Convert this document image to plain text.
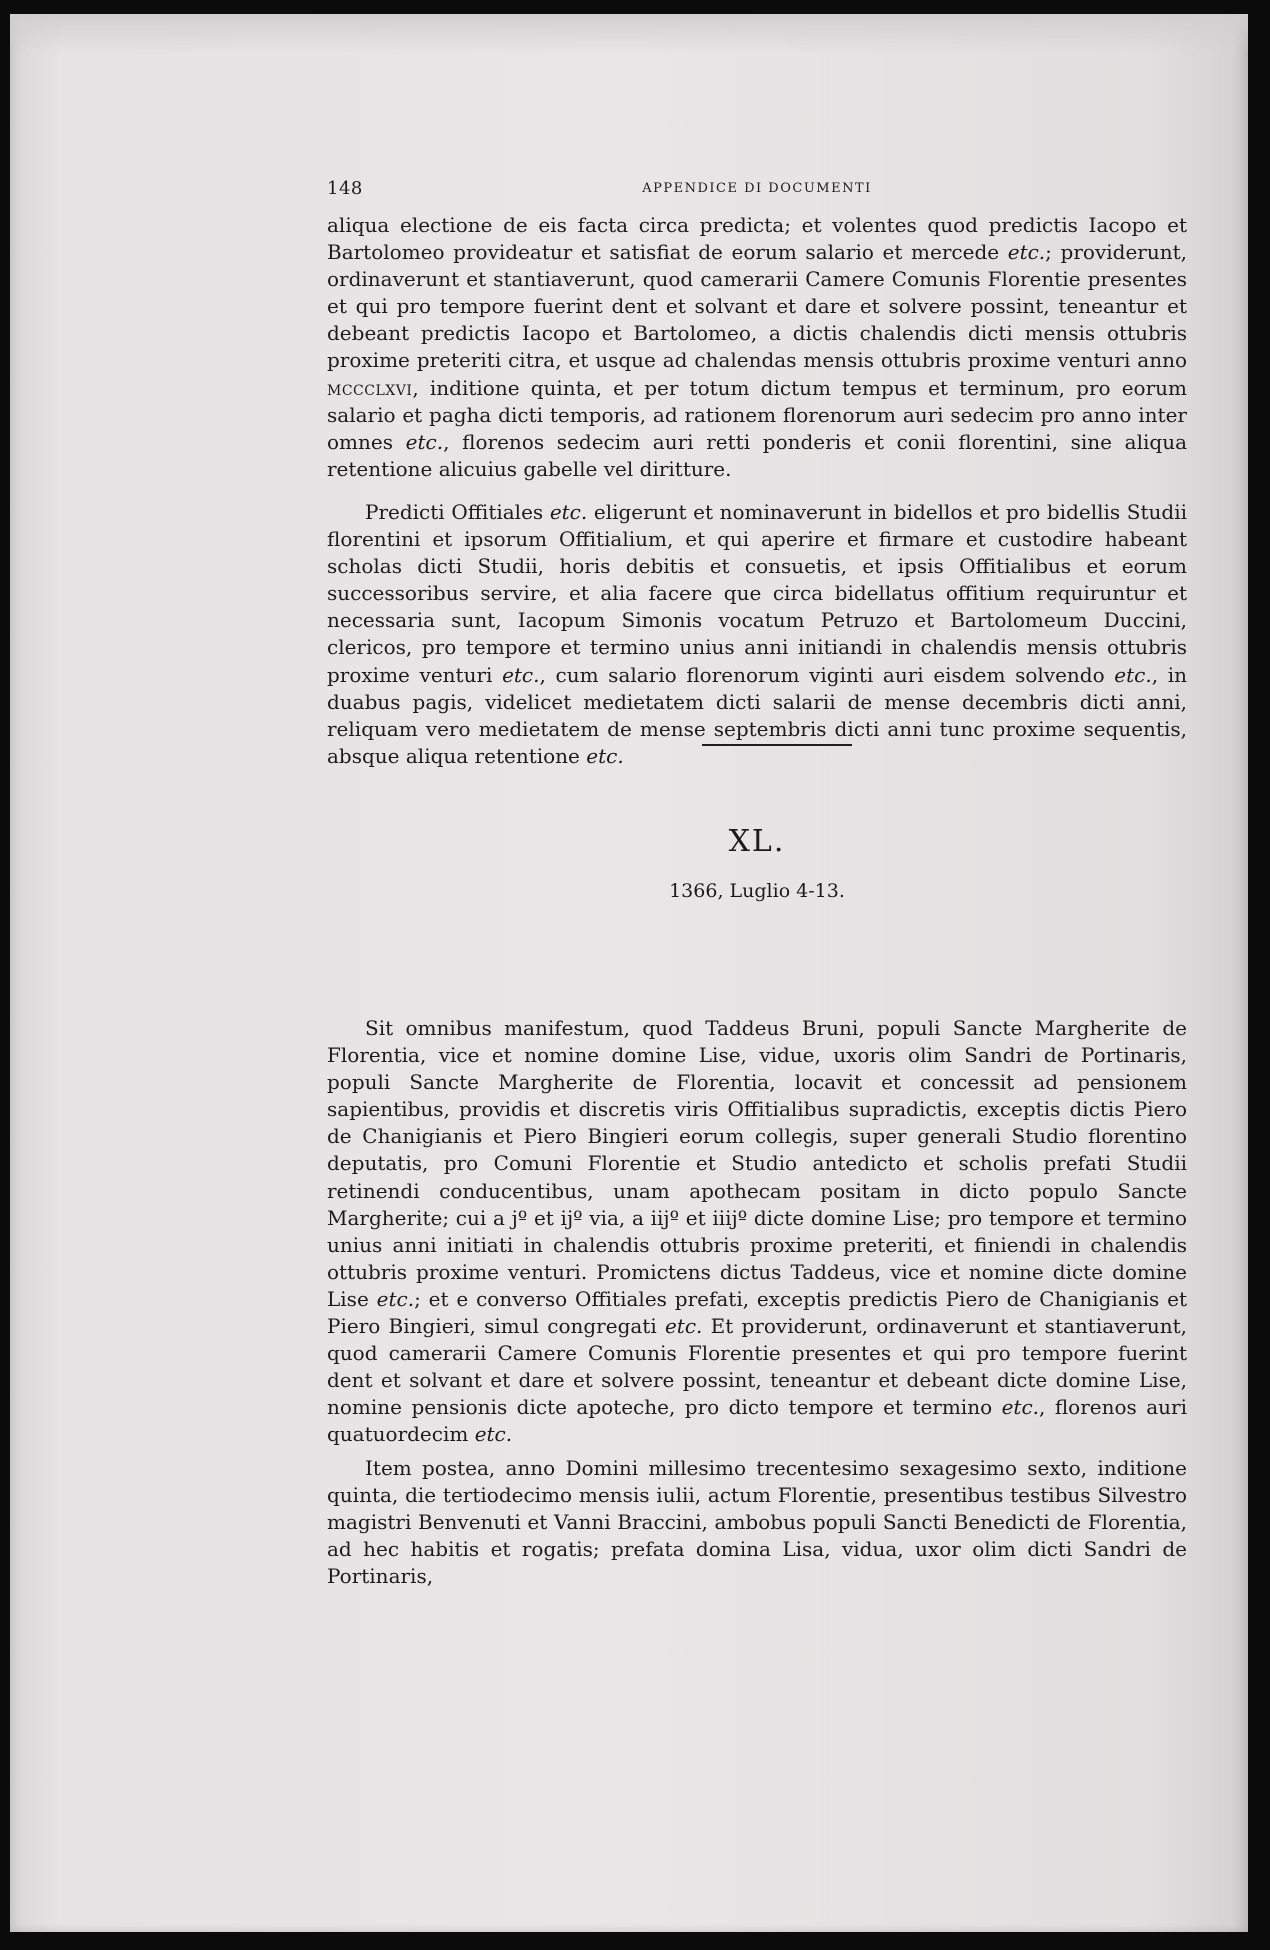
148	APPENDICE DI DOCUMENTI

aliqua electione de eis facta circa predicta; et volentes quod predictis Iacopo et Bartolomeo provideatur et satisfiat de eorum salario et mercede etc.; providerunt, ordinaverunt et stantiaverunt, quod camerarii Camere Comunis Florentie presentes et qui pro tempore fuerint dent et solvant et dare et solvere possint, teneantur et debeant predictis Iacopo et Bartolomeo, a dictis chalendis dicti mensis ottubris proxime preteriti citra, et usque ad chalendas mensis ottubris proxime venturi anno mccclxvi, inditione quinta, et per totum dictum tempus et terminum, pro eorum salario et pagha dicti temporis, ad rationem florenorum auri sedecim pro anno inter omnes etc., florenos sedecim auri retti ponderis et conii florentini, sine aliqua retentione alicuius gabelle vel diritture.

Predicti Offitiales etc. eligerunt et nominaverunt in bidellos et pro bidellis Studii florentini et ipsorum Offitialium, et qui aperire et firmare et custodire habeant scholas dicti Studii, horis debitis et consuetis, et ipsis Offitialibus et eorum successoribus servire, et alia facere que circa bidellatus offitium requiruntur et necessaria sunt, Iacopum Simonis vocatum Petruzo et Bartolomeum Duccini, clericos, pro tempore et termino unius anni initiandi in chalendis mensis ottubris proxime venturi etc., cum salario florenorum viginti auri eisdem solvendo etc., in duabus pagis, videlicet medietatem dicti salarii de mense decembris dicti anni, reliquam vero medietatem de mense septembris dicti anni tunc proxime sequentis, absque aliqua retentione etc.

XL.
1366, Luglio 4-13.

Sit omnibus manifestum, quod Taddeus Bruni, populi Sancte Margherite de Florentia, vice et nomine domine Lise, vidue, uxoris olim Sandri de Portinaris, populi Sancte Margherite de Florentia, locavit et concessit ad pensionem sapientibus, providis et discretis viris Offitialibus supradictis, exceptis dictis Piero de Chanigianis et Piero Bingieri eorum collegis, super generali Studio florentino deputatis, pro Comuni Florentie et Studio antedicto et scholis prefati Studii retinendi conducentibus, unam apothecam positam in dicto populo Sancte Margherite; cui a jº et ijº via, a iijº et iiijº dicte domine Lise; pro tempore et termino unius anni initiati in chalendis ottubris proxime preteriti, et finiendi in chalendis ottubris proxime venturi. Promictens dictus Taddeus, vice et nomine dicte domine Lise etc.; et e converso Offitiales prefati, exceptis predictis Piero de Chanigianis et Piero Bingieri, simul congregati etc. Et providerunt, ordinaverunt et stantiaverunt, quod camerarii Camere Comunis Florentie presentes et qui pro tempore fuerint dent et solvant et dare et solvere possint, teneantur et debeant dicte domine Lise, nomine pensionis dicte apoteche, pro dicto tempore et termino etc., florenos auri quatuordecim etc.

Item postea, anno Domini millesimo trecentesimo sexagesimo sexto, inditione quinta, die tertiodecimo mensis iulii, actum Florentie, presentibus testibus Silvestro magistri Benvenuti et Vanni Braccini, ambobus populi Sancti Benedicti de Florentia, ad hec habitis et rogatis; prefata domina Lisa, vidua, uxor olim dicti Sandri de Portinaris,
